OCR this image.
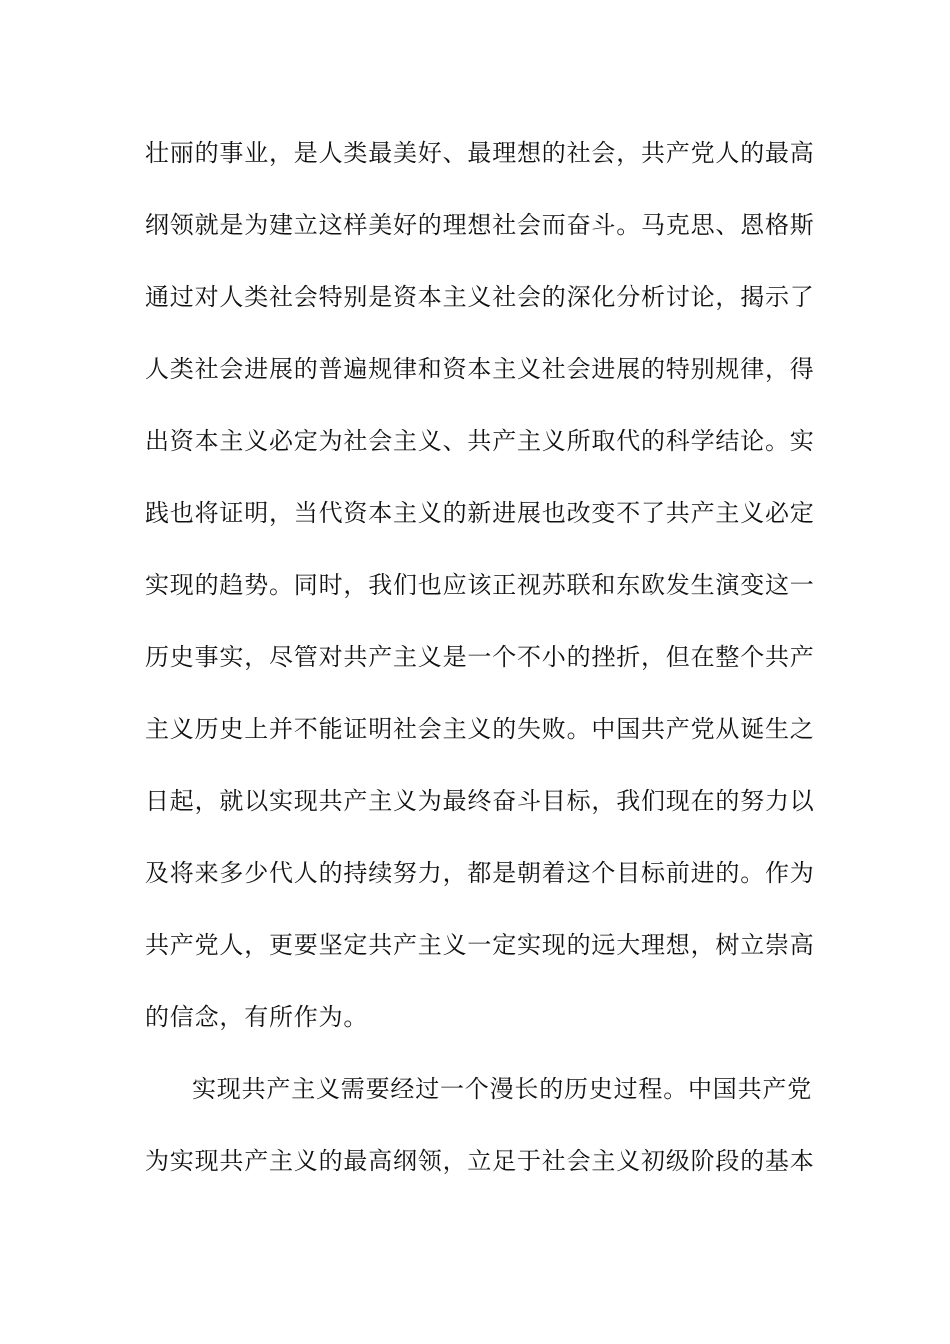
壮丽的事业，是人类最美好、最理想的社会，共产党人的最高
纲领就是为建立这样美好的理想社会而奋斗。马克思、恩格斯
通过对人类社会特别是资本主义社会的深化分析讨论，揭示了
人类社会进展的普遍规律和资本主义社会进展的特别规律，得
出资本主义必定为社会主义、共产主义所取代的科学结论。实
践也将证明，当代资本主义的新进展也改变不了共产主义必定
实现的趋势。同时，我们也应该正视苏联和东欧发生演变这一
历史事实，尽管对共产主义是一个不小的挫折，但在整个共产
主义历史上并不能证明社会主义的失败。中国共产党从诞生之
日起，就以实现共产主义为最终奋斗目标，我们现在的努力以
及将来多少代人的持续努力，都是朝着这个目标前进的。作为
共产党人，更要坚定共产主义一定实现的远大理想，树立崇高
的信念，有所作为。
实现共产主义需要经过一个漫长的历史过程。中国共产党
为实现共产主义的最高纲领，立足于社会主义初级阶段的基本
